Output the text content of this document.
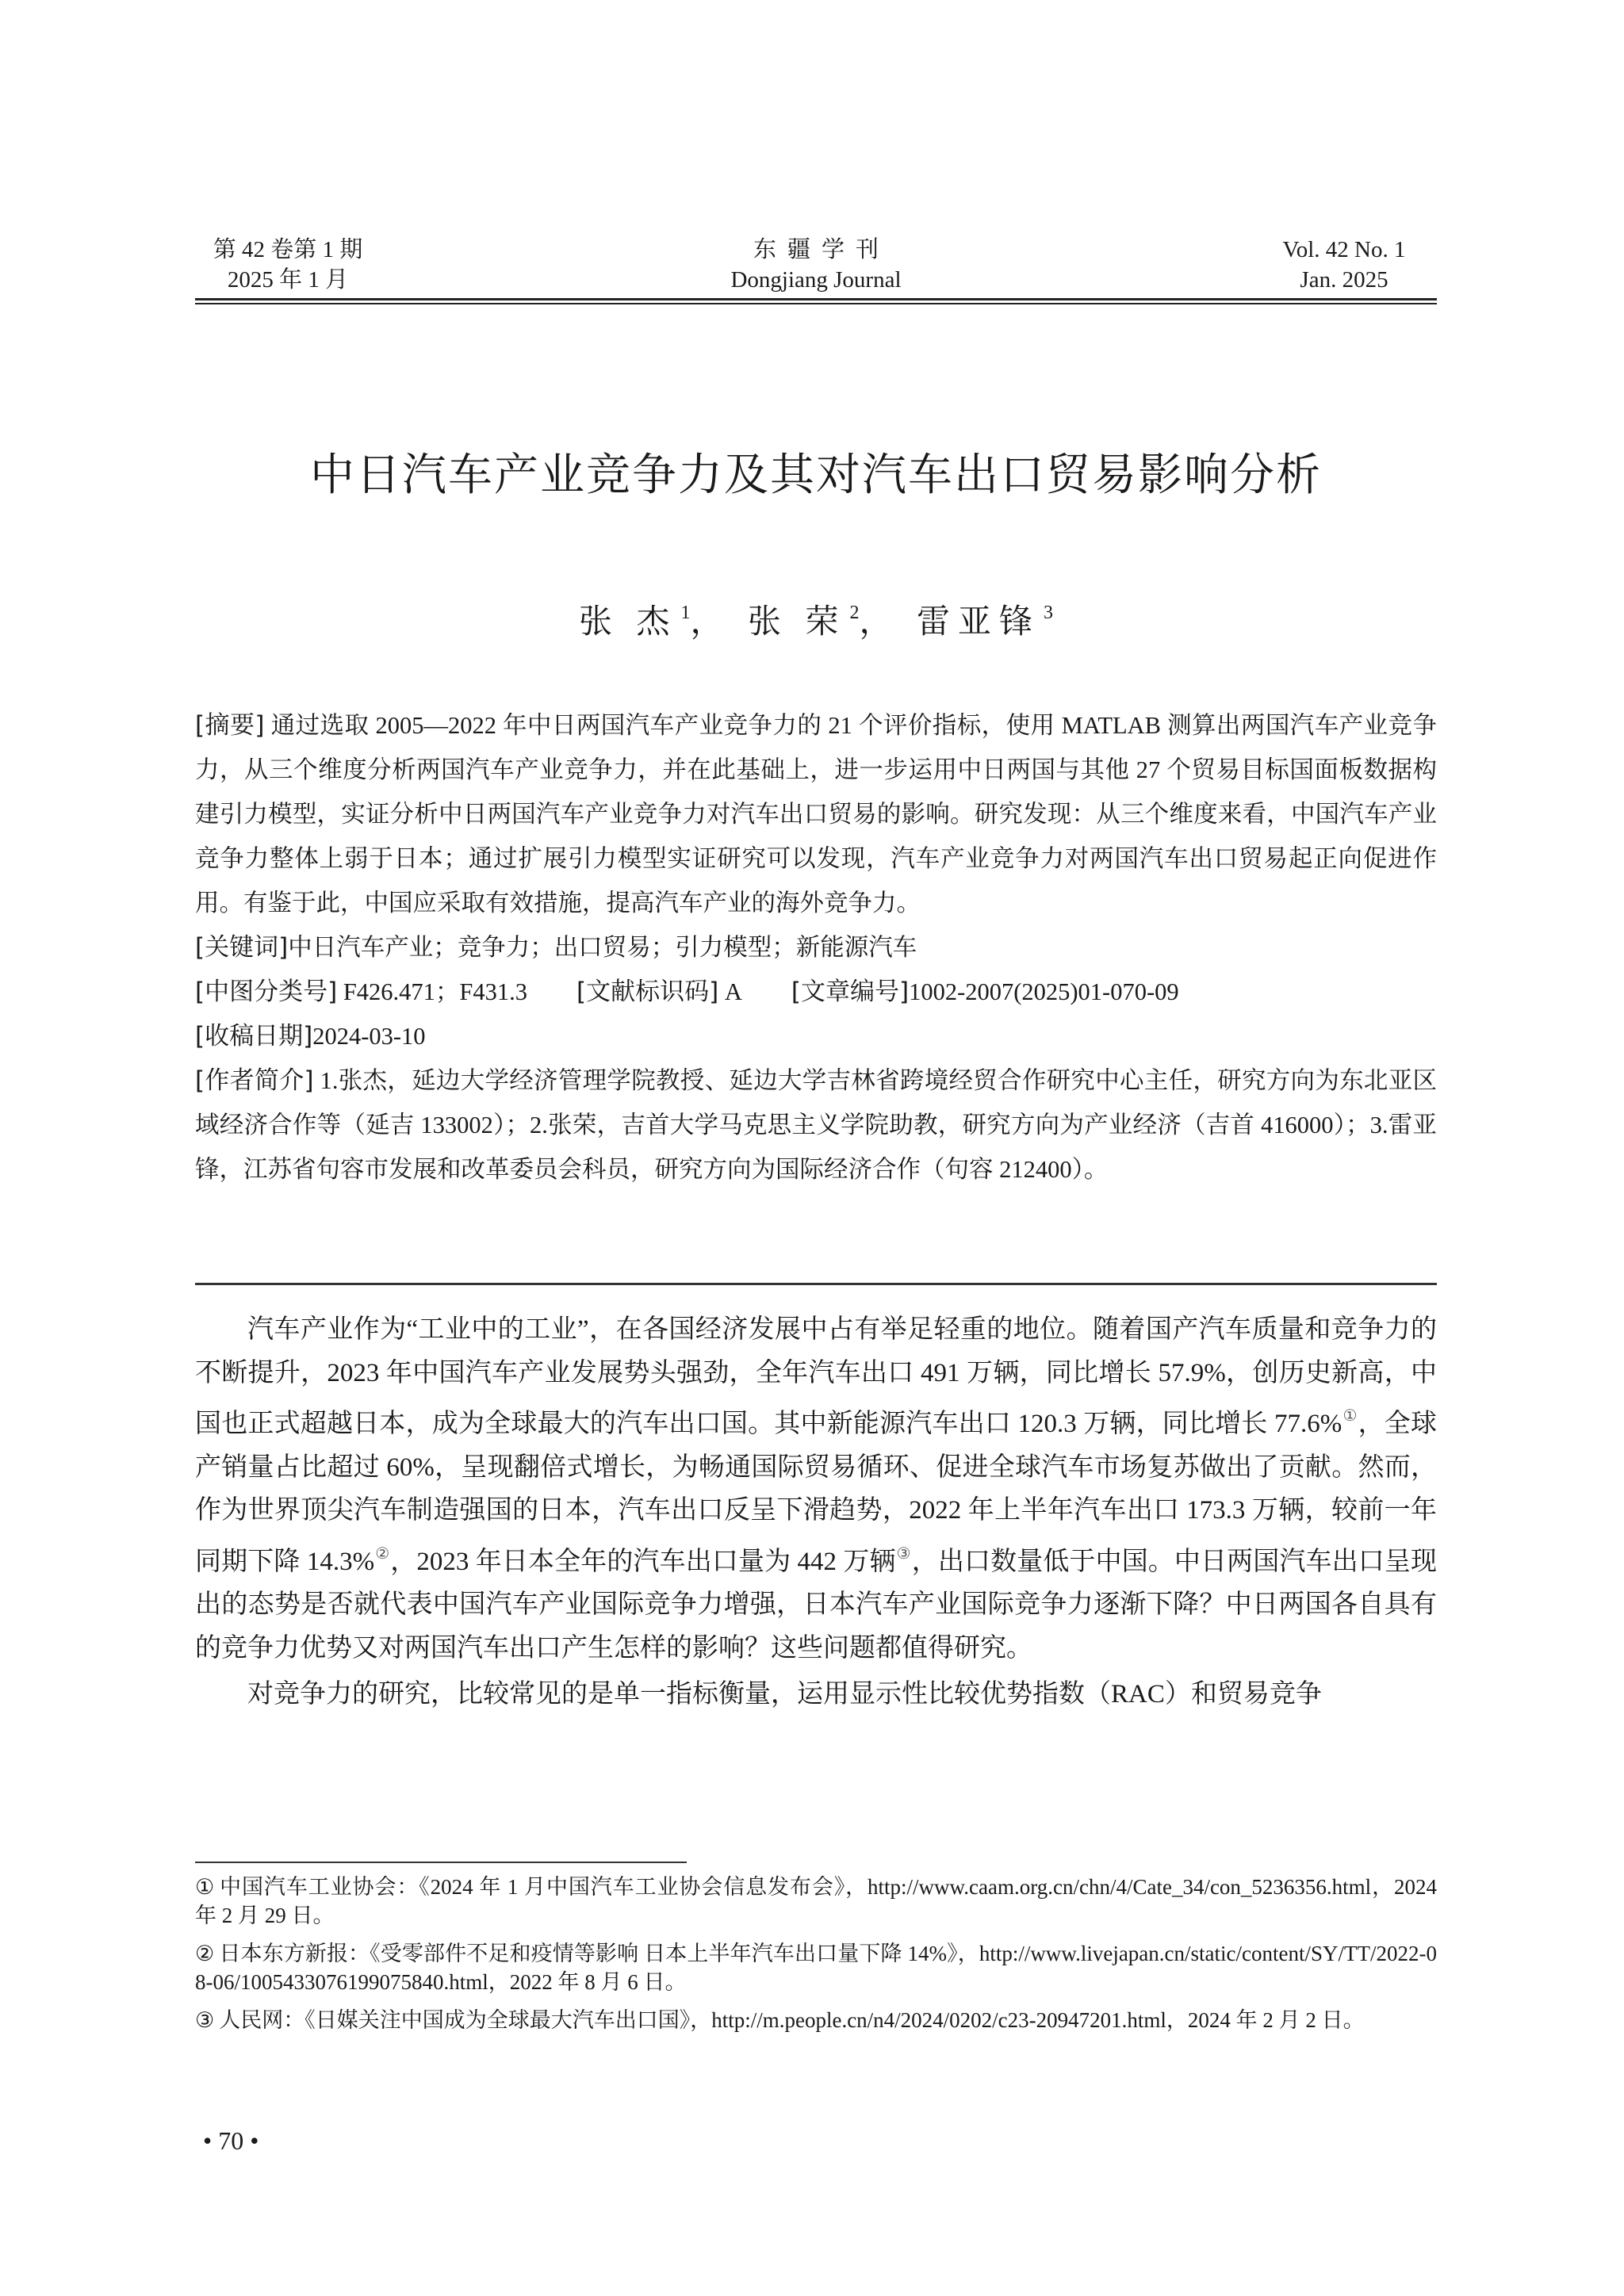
第 42 卷第 1 期
2025 年 1 月
东疆学刊
Dongjiang Journal
Vol. 42 No. 1
Jan. 2025
中日汽车产业竞争力及其对汽车出口贸易影响分析
张 杰 $^1$， 张 荣 $^2$， 雷亚锋 $^3$

[摘要] 通过选取 2005—2022 年中日两国汽车产业竞争力的 21 个评价指标，使用 MATLAB 测算出两国汽车产业竞争力，从三个维度分析两国汽车产业竞争力，并在此基础上，进一步运用中日两国与其他 27 个贸易目标国面板数据构建引力模型，实证分析中日两国汽车产业竞争力对汽车出口贸易的影响。研究发现：从三个维度来看，中国汽车产业竞争力整体上弱于日本；通过扩展引力模型实证研究可以发现，汽车产业竞争力对两国汽车出口贸易起正向促进作用。有鉴于此，中国应采取有效措施，提高汽车产业的海外竞争力。

[关键词]中日汽车产业；竞争力；出口贸易；引力模型；新能源汽车

[中图分类号] F426.471；F431.3 [文献标识码] A [文章编号]1002-2007(2025)01-070-09

[收稿日期]2024-03-10

[作者简介] 1.张杰，延边大学经济管理学院教授、延边大学吉林省跨境经贸合作研究中心主任，研究方向为东北亚区域经济合作等（延吉 133002）；2.张荣，吉首大学马克思主义学院助教，研究方向为产业经济（吉首 416000）；3.雷亚锋，江苏省句容市发展和改革委员会科员，研究方向为国际经济合作（句容 212400）。

汽车产业作为“工业中的工业”，在各国经济发展中占有举足轻重的地位。随着国产汽车质量和竞争力的不断提升，2023 年中国汽车产业发展势头强劲，全年汽车出口 491 万辆，同比增长 57.9%，创历史新高，中国也正式超越日本，成为全球最大的汽车出口国。其中新能源汽车出口 120.3 万辆，同比增长 77.6%①，全球产销量占比超过 60%，呈现翻倍式增长，为畅通国际贸易循环、促进全球汽车市场复苏做出了贡献。然而，作为世界顶尖汽车制造强国的日本，汽车出口反呈下滑趋势，2022 年上半年汽车出口 173.3 万辆，较前一年同期下降 14.3%②，2023 年日本全年的汽车出口量为 442 万辆③，出口数量低于中国。中日两国汽车出口呈现出的态势是否就代表中国汽车产业国际竞争力增强，日本汽车产业国际竞争力逐渐下降？中日两国各自具有的竞争力优势又对两国汽车出口产生怎样的影响？这些问题都值得研究。

对竞争力的研究，比较常见的是单一指标衡量，运用显示性比较优势指数（RAC）和贸易竞争

① 中国汽车工业协会：《2024 年 1 月中国汽车工业协会信息发布会》，http://www.caam.org.cn/chn/4/Cate_34/con_5236356.html，2024 年 2 月 29 日。

② 日本东方新报：《受零部件不足和疫情等影响 日本上半年汽车出口量下降 14%》，http://www.livejapan.cn/static/content/SY/TT/2022-08-06/1005433076199075840.html，2022 年 8 月 6 日。

③ 人民网：《日媒关注中国成为全球最大汽车出口国》，http://m.people.cn/n4/2024/0202/c23-20947201.html，2024 年 2 月 2 日。

• 70 •
